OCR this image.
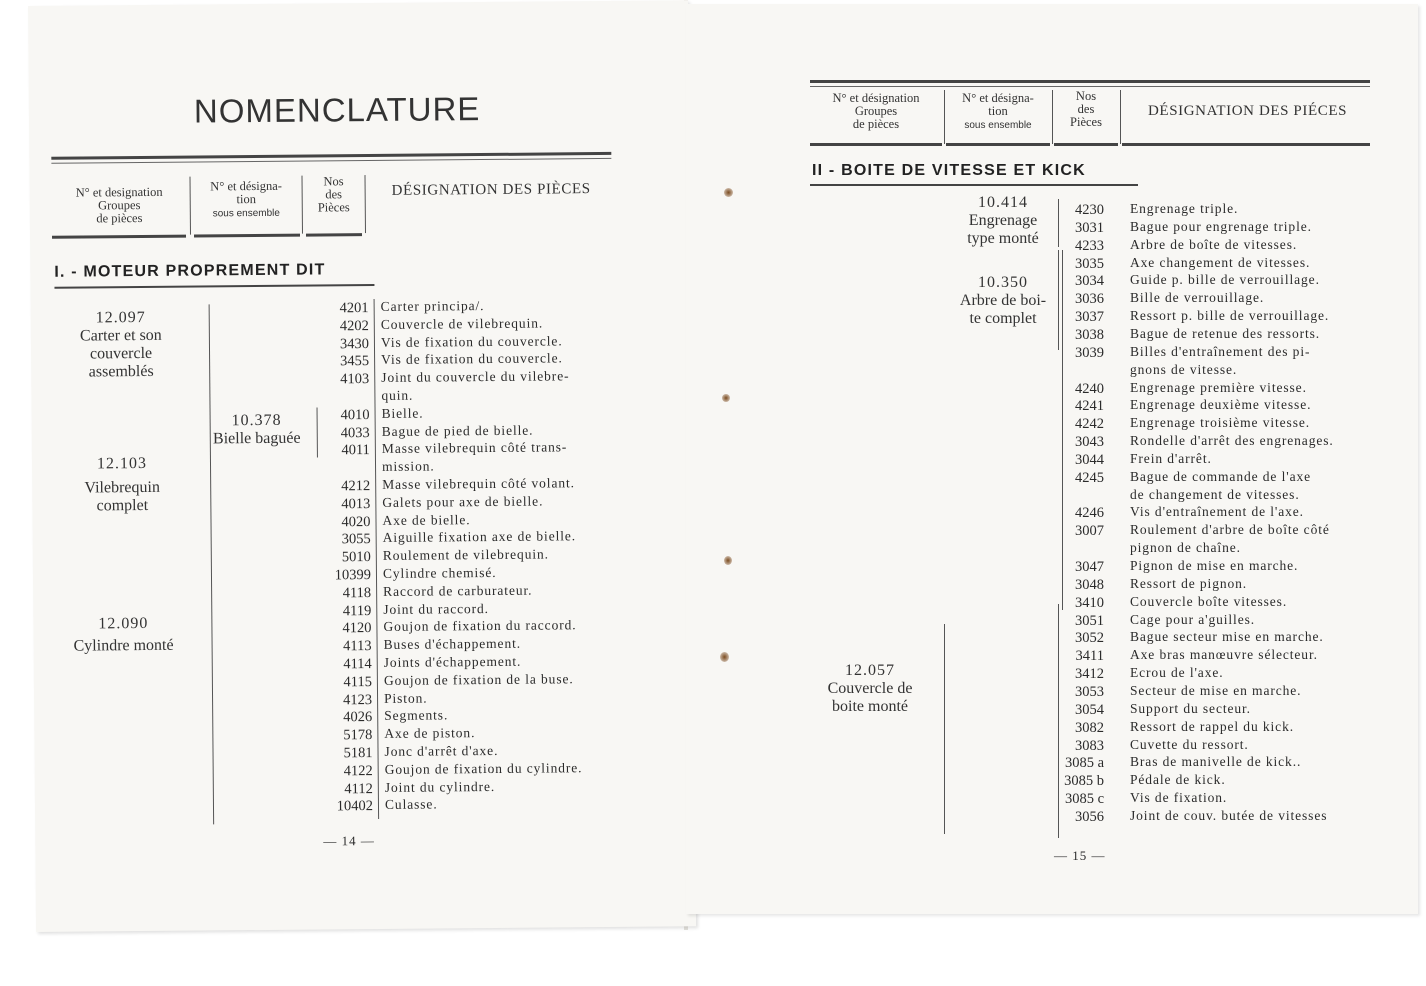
NOMENCLATURE
N° et designation
Groupes
de pièces
N° et désigna-
tion
sous ensemble
Nos
des
Pièces
DÉSIGNATION DES PIÈCES
I. - MOTEUR PROPREMENT DIT
12.097
Carter et son
couvercle
assemblés
12.103
Vilebrequin
complet
12.090
Cylindre monté
10.378
Bielle baguée
4201 Carter principa/.
4202 Couvercle de vilebrequin.
3430 Vis de fixation du couvercle.
3455 Vis de fixation du couvercle.
4103 Joint du couvercle du vilebre-
quin.
4010 Bielle.
4033 Bague de pied de bielle.
4011 Masse vilebrequin côté trans-
mission.
4212 Masse vilebrequin côté volant.
4013 Galets pour axe de bielle.
4020 Axe de bielle.
3055 Aiguille fixation axe de bielle.
5010 Roulement de vilebrequin.
10399 Cylindre chemisé.
4118 Raccord de carburateur.
4119 Joint du raccord.
4120 Goujon de fixation du raccord.
4113 Buses d'échappement.
4114 Joints d'échappement.
4115 Goujon de fixation de la buse.
4123 Piston.
4026 Segments.
5178 Axe de piston.
5181 Jonc d'arrêt d'axe.
4122 Goujon de fixation du cylindre.
4112 Joint du cylindre.
10402 Culasse.
— 14 —
N° et désignation
Groupes
de pièces
N° et désigna-
tion
sous ensemble
Nos
des
Pièces
DÉSIGNATION DES PIÉCES
II - BOITE DE VITESSE ET KICK
10.414
Engrenage
type monté
10.350
Arbre de boi-
te complet
12.057
Couvercle de
boite monté
4230 Engrenage triple.
3031 Bague pour engrenage triple.
4233 Arbre de boîte de vitesses.
3035 Axe changement de vitesses.
3034 Guide p. bille de verrouillage.
3036 Bille de verrouillage.
3037 Ressort p. bille de verrouillage.
3038 Bague de retenue des ressorts.
3039 Billes d'entraînement des pi-
gnons de vitesse.
4240 Engrenage première vitesse.
4241 Engrenage deuxième vitesse.
4242 Engrenage troisième vitesse.
3043 Rondelle d'arrêt des engrenages.
3044 Frein d'arrêt.
4245 Bague de commande de l'axe
de changement de vitesses.
4246 Vis d'entraînement de l'axe.
3007 Roulement d'arbre de boîte côté
pignon de chaîne.
3047 Pignon de mise en marche.
3048 Ressort de pignon.
3410 Couvercle boîte vitesses.
3051 Cage pour a'guilles.
3052 Bague secteur mise en marche.
3411 Axe bras manœuvre sélecteur.
3412 Ecrou de l'axe.
3053 Secteur de mise en marche.
3054 Support du secteur.
3082 Ressort de rappel du kick.
3083 Cuvette du ressort.
3085 a Bras de manivelle de kick..
3085 b Pédale de kick.
3085 c Vis de fixation.
3056 Joint de couv. butée de vitesses
— 15 —
